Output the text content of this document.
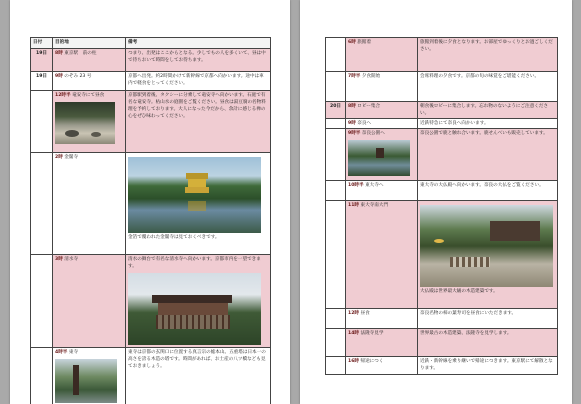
日付	目的地	備考
19日	8時 東京駅　前の柱	つまり、出発はここからとなる。少しでもの人を多くいて、昼は中で待ちおいて時間をしてお待ちます。
19日	9時 のぞみ 23 号	京都へ出発。約2時間かけて新幹線で京都へ向かいます。途中は車内で軽食をとってください。
	12時半 竜安寺にて昼食	京都駅到着後、タクシーに分乗して竜安寺へ向かいます。石庭で有名な竜安寺。枯山水の庭園をご覧ください。昼食は湯豆腐の名物料理を予約しております。大人になった今だから、余計に感じる禅の心をぜひ味わってください。
	2時 金閣寺	金箔で覆われた金閣寺は見ておくべきです。

	3時 清水寺	清水の舞台で有名な清水寺へ向かいます。京都市内を一望できます。

	4時半 東寺	東寺は京都の玄関口に位置する真言宗の総本山。五重塔は日本一の高さを誇る木造の塔です。時間があれば、お土産の八ツ橋なども見ておきましょう。
	6時 旅館着	旅館到着後に夕食となります。お部屋でゆっくりとお過ごしください。
	7時半 夕食開始	会席料理の夕食です。京都の旬の味覚をご堪能ください。
20日	8時 ロビー集合	朝食後ロビーに集合します。忘れ物のないようにご注意ください。
	9時 奈良へ	近鉄特急にて奈良へ向かいます。
	9時半 奈良公園へ	奈良公園で鹿と触れ合います。鹿せんべいも販売しています。
	10時半 東大寺へ	東大寺の大仏殿へ向かいます。奈良の大仏をご覧ください。
	11時 東大寺南大門	大仏殿は世界最大級の木造建築です。

	12時 昼食	奈良名物の柿の葉寿司を昼食にいただきます。
	14時 法隆寺見学	世界最古の木造建築、法隆寺を見学します。
	16時 帰途につく	近鉄・新幹線を乗り継いで帰途につきます。東京駅にて解散となります。
